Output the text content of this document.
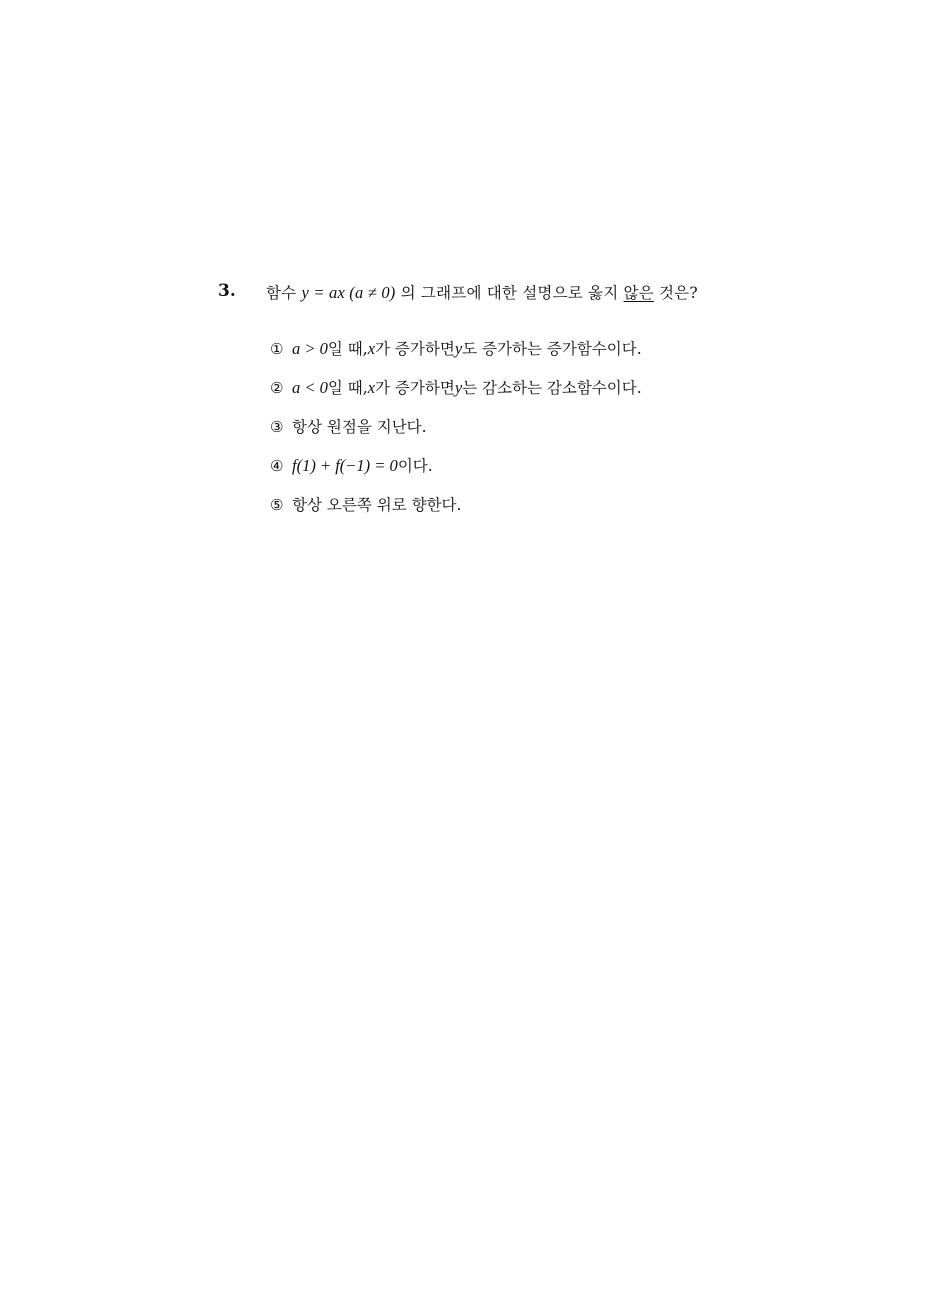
3. 함수 y = ax (a ≠ 0) 의 그래프에 대한 설명으로 옳지 않은 것은?
① a > 0 일 때, x 가 증가하면 y 도 증가하는 증가함수이다.
② a < 0 일 때, x 가 증가하면 y 는 감소하는 감소함수이다.
③ 항상 원점을 지난다.
④ f(1) + f(−1) = 0 이다.
⑤ 항상 오른쪽 위로 향한다.
